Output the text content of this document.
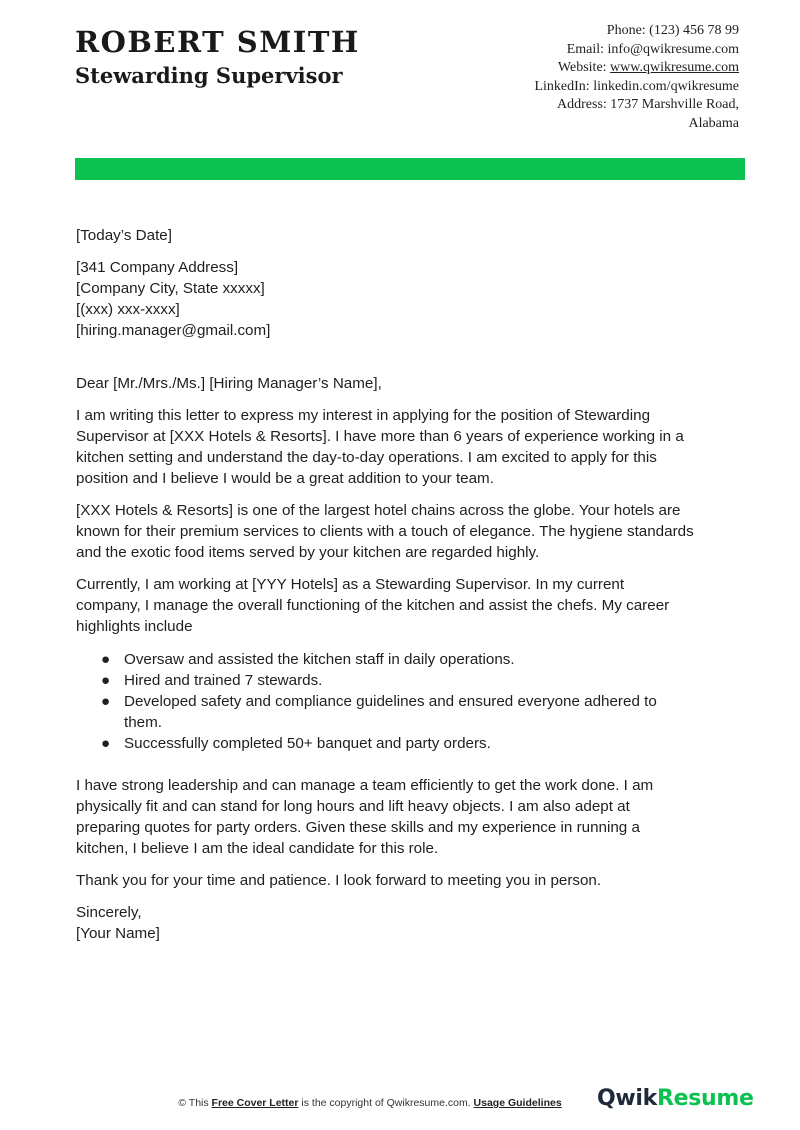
ROBERT SMITH
Stewarding Supervisor
Phone: (123) 456 78 99
Email: info@qwikresume.com
Website: www.qwikresume.com
LinkedIn: linkedin.com/qwikresume
Address: 1737 Marshville Road,
Alabama
[Today’s Date]
[341 Company Address]
[Company City, State xxxxx]
[(xxx) xxx-xxxx]
[hiring.manager@gmail.com]
Dear [Mr./Mrs./Ms.] [Hiring Manager’s Name],

I am writing this letter to express my interest in applying for the position of Stewarding
Supervisor at [XXX Hotels & Resorts]. I have more than 6 years of experience working in a
kitchen setting and understand the day-to-day operations. I am excited to apply for this
position and I believe I would be a great addition to your team.

[XXX Hotels & Resorts] is one of the largest hotel chains across the globe. Your hotels are
known for their premium services to clients with a touch of elegance. The hygiene standards
and the exotic food items served by your kitchen are regarded highly.

Currently, I am working at [YYY Hotels] as a Stewarding Supervisor. In my current
company, I manage the overall functioning of the kitchen and assist the chefs. My career
highlights include

● Oversaw and assisted the kitchen staff in daily operations.
● Hired and trained 7 stewards.
● Developed safety and compliance guidelines and ensured everyone adhered to
them.
● Successfully completed 50+ banquet and party orders.

I have strong leadership and can manage a team efficiently to get the work done. I am
physically fit and can stand for long hours and lift heavy objects. I am also adept at
preparing quotes for party orders. Given these skills and my experience in running a
kitchen, I believe I am the ideal candidate for this role.

Thank you for your time and patience. I look forward to meeting you in person.

Sincerely,
[Your Name]
© This Free Cover Letter is the copyright of Qwikresume.com. Usage Guidelines	QwikResume
